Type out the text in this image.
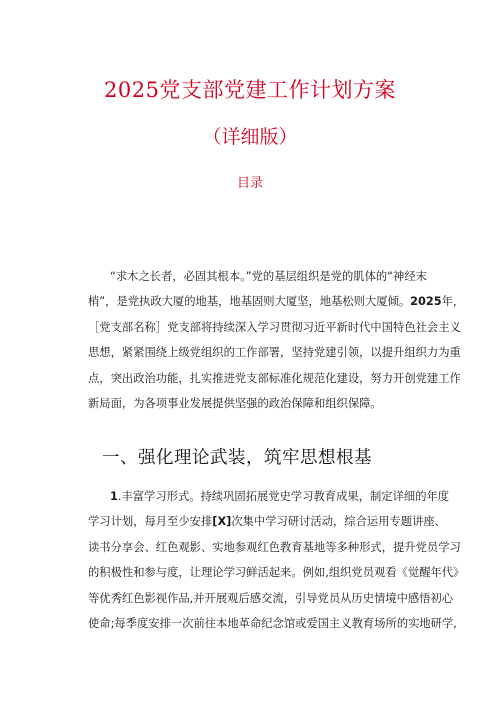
2025党支部党建工作计划方案
（详细版）
目录
“求木之长者，必固其根本。”党的基层组织是党的肌体的“神经末
梢”，是党执政大厦的地基，地基固则大厦坚，地基松则大厦倾。2025年，
［党支部名称］党支部将持续深入学习贯彻习近平新时代中国特色社会主义
思想，紧紧围绕上级党组织的工作部署，坚持党建引领，以提升组织力为重
点，突出政治功能，扎实推进党支部标准化规范化建设，努力开创党建工作
新局面，为各项事业发展提供坚强的政治保障和组织保障。
一、强化理论武装，筑牢思想根基
1.丰富学习形式。持续巩固拓展党史学习教育成果，制定详细的年度
学习计划，每月至少安排[X]次集中学习研讨活动，综合运用专题讲座、
读书分享会、红色观影、实地参观红色教育基地等多种形式，提升党员学习
的积极性和参与度，让理论学习鲜活起来。例如,组织党员观看《觉醒年代》
等优秀红色影视作品,并开展观后感交流，引导党员从历史情境中感悟初心
使命;每季度安排一次前往本地革命纪念馆或爱国主义教育场所的实地研学,
